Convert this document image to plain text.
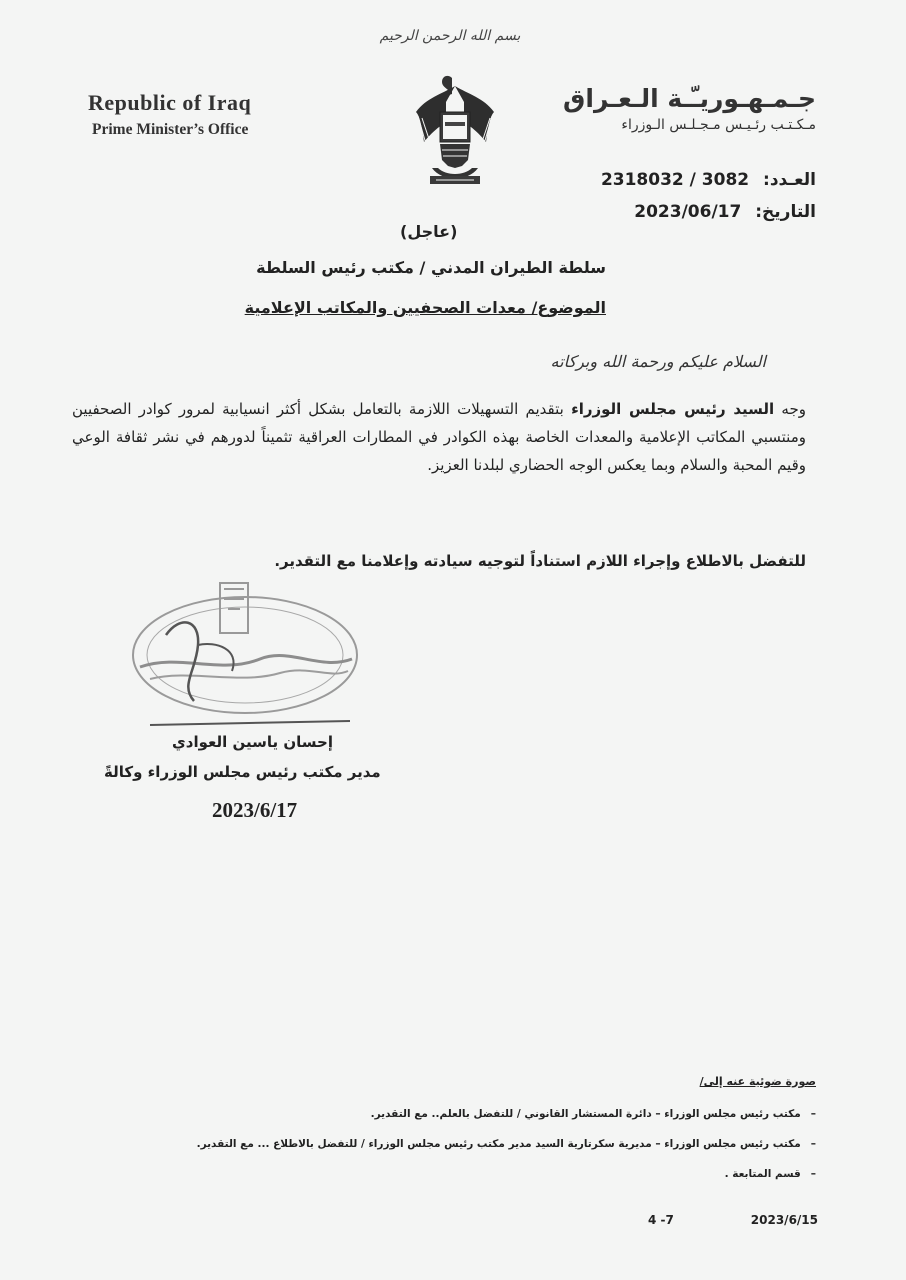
بسم الله الرحمن الرحيم
Republic of Iraq
Prime Minister’s Office
جـمـهـوريـّـة الـعـراق
مـكـتـب رئـيـس مـجـلـس الـوزراء
العـدد: 2318032 / 3082
التاريخ: 2023/06/17
(عاجل)
سلطة الطيران المدني / مكتب رئيس السلطة
الموضوع/ معدات الصحفيين والمكاتب الإعلامية
السلام عليكم ورحمة الله وبركاته
وجه السيد رئيس مجلس الوزراء بتقديم التسهيلات اللازمة بالتعامل بشكل أكثر انسيابية لمرور كوادر الصحفيين ومنتسبي المكاتب الإعلامية والمعدات الخاصة بهذه الكوادر في المطارات العراقية تثميناً لدورهم في نشر ثقافة الوعي وقيم المحبة والسلام وبما يعكس الوجه الحضاري لبلدنا العزيز.
للتفضل بالاطلاع وإجراء اللازم استناداً لتوجيه سيادته وإعلامنا مع التقدير.
إحسان ياسين العوادي
مدير مكتب رئيس مجلس الوزراء وكالةً
2023/6/17
صورة ضوئية عنه إلى/
–مكتب رئيس مجلس الوزراء – دائرة المستشار القانوني / للتفضل بالعلم.. مع التقدير.
–مكتب رئيس مجلس الوزراء – مديرية سكرتارية السيد مدير مكتب رئيس مجلس الوزراء / للتفضل بالاطلاع ... مع التقدير.
–قسم المتابعة .
2023/6/15
4 -7
